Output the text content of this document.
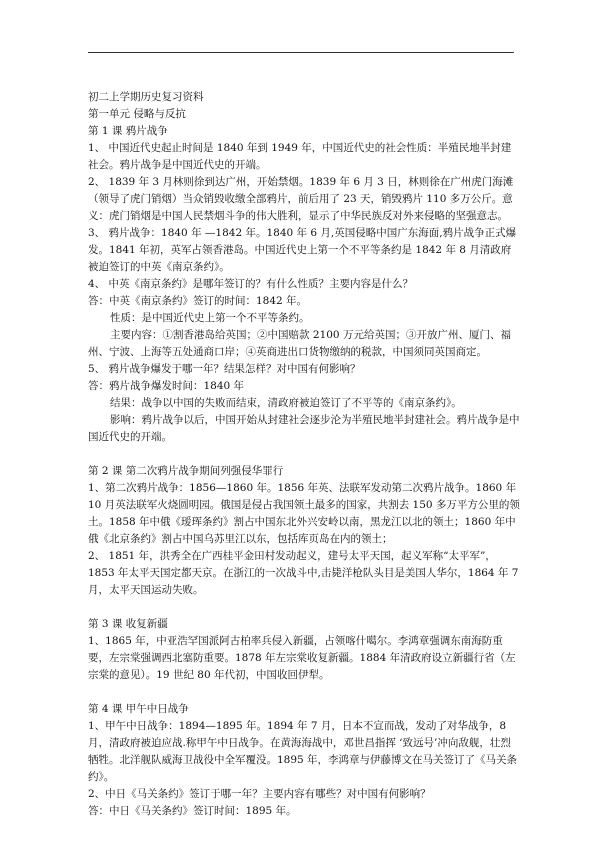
初二上学期历史复习资料

第一单元 侵略与反抗

第 1 课 鸦片战争

1、 中国近代史起止时间是 1840 年到 1949 年，中国近代史的社会性质：半殖民地半封建社会。鸦片战争是中国近代史的开端。

2、 1839 年 3 月林则徐到达广州，开始禁烟。1839 年 6 月 3 日，林则徐在广州虎门海滩（领导了虎门销烟）当众销毁收缴全部鸦片，前后用了 23 天，销毁鸦片 110 多万公斤。意义：虎门销烟是中国人民禁烟斗争的伟大胜利，显示了中华民族反对外来侵略的坚强意志。

3、 鸦片战争：1840 年 —1842 年。1840 年 6 月,英国侵略中国广东海面,鸦片战争正式爆发。1841 年初，英军占领香港岛。中国近代史上第一个不平等条约是 1842 年 8 月清政府被迫签订的中英《南京条约》。

4、 中英《南京条约》是哪年签订的？有什么性质？主要内容是什么？

答：中英《南京条约》签订的时间：1842 年。

性质：是中国近代史上第一个不平等条约。

主要内容：①割香港岛给英国；②中国赔款 2100 万元给英国；③开放广州、厦门、福州、宁波、上海等五处通商口岸；④英商进出口货物缴纳的税款，中国须同英国商定。

5、 鸦片战争爆发于哪一年？结果怎样？对中国有何影响？

答：鸦片战争爆发时间：1840 年

结果：战争以中国的失败而结束，清政府被迫签订了不平等的《南京条约》。

影响：鸦片战争以后，中国开始从封建社会逐步沦为半殖民地半封建社会。鸦片战争是中国近代史的开端。

第 2 课 第二次鸦片战争期间列强侵华罪行

1、第二次鸦片战争：1856—1860 年。1856 年英、法联军发动第二次鸦片战争。1860 年 10 月英法联军火烧圆明园。俄国是侵占我国领土最多的国家，共割去 150 多万平方公里的领土。1858 年中俄《瑷珲条约》割占中国东北外兴安岭以南，黑龙江以北的领土；1860 年中俄《北京条约》割占中国乌苏里江以东，包括库页岛在内的领土；

2、 1851 年，洪秀全在广西桂平金田村发动起义，建号太平天国，起义军称“太平军”，1853 年太平天国定都天京。在浙江的一次战斗中,击毙洋枪队头目是美国人华尔，1864 年 7 月，太平天国运动失败。

第 3 课 收复新疆

1、1865 年，中亚浩罕国派阿古柏率兵侵入新疆，占领喀什噶尔。李鸿章强调东南海防重要，左宗棠强调西北塞防重要。1878 年左宗棠收复新疆。1884 年清政府设立新疆行省（左宗棠的意见）。19 世纪 80 年代初，中国收回伊犁。

第 4 课 甲午中日战争

1、甲午中日战争：1894—1895 年。1894 年 7 月，日本不宣而战，发动了对华战争，8 月，清政府被迫应战.称甲午中日战争。在黄海海战中，邓世昌指挥 ‘致远号’冲向敌舰，壮烈牺牲。北洋舰队威海卫战役中全军覆没。1895 年，李鸿章与伊藤博文在马关签订了《马关条约》。

2、中日《马关条约》签订于哪一年？主要内容有哪些？对中国有何影响？

答：中日《马关条约》签订时间：1895 年。
